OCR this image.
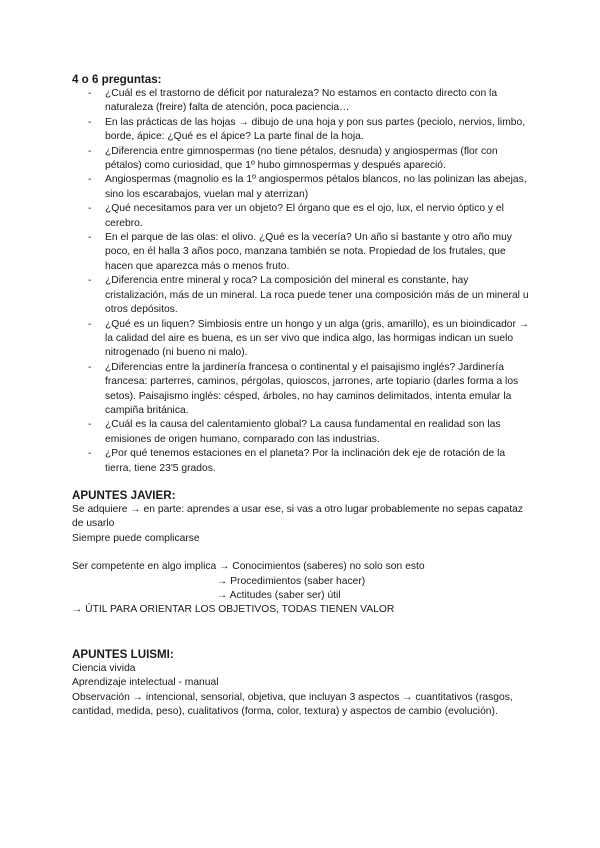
4 o 6 preguntas:
- ¿Cuál es el trastorno de déficit por naturaleza? No estamos en contacto directo con la naturaleza (freire) falta de atención, poca paciencia…
- En las prácticas de las hojas → dibujo de una hoja y pon sus partes (peciolo, nervios, limbo, borde, ápice: ¿Qué es el ápice? La parte final de la hoja.
- ¿Diferencia entre gimnospermas (no tiene pétalos, desnuda) y angiospermas (flor con pétalos) como curiosidad, que 1º hubo gimnospermas y después apareció.
- Angiospermas (magnolio es la 1º angiospermos pétalos blancos, no las polinizan las abejas, sino los escarabajos, vuelan mal y aterrizan)
- ¿Qué necesitamos para ver un objeto? El órgano que es el ojo, lux, el nervio óptico y el cerebro.
- En el parque de las olas: el olivo. ¿Qué es la vecería? Un año sí bastante y otro año muy poco, en él halla 3 años poco, manzana también se nota. Propiedad de los frutales, que hacen que aparezca más o menos fruto.
- ¿Diferencia entre mineral y roca? La composición del mineral es constante, hay cristalización, más de un mineral. La roca puede tener una composición más de un mineral u otros depósitos.
- ¿Qué es un liquen? Simbiosis entre un hongo y un alga (gris, amarillo), es un bioindicador → la calidad del aire es buena, es un ser vivo que indica algo, las hormigas indican un suelo nitrogenado (ni bueno ni malo).
- ¿Diferencias entre la jardinería francesa o continental y el paisajismo inglés? Jardinería francesa: parterres, caminos, pérgolas, quioscos, jarrones, arte topiario (darles forma a los setos). Paisajismo inglés: césped, árboles, no hay caminos delimitados, intenta emular la campiña británica.
- ¿Cuál es la causa del calentamiento global? La causa fundamental en realidad son las emisiones de origen humano, comparado con las industrias.
- ¿Por qué tenemos estaciones en el planeta? Por la inclinación dek eje de rotación de la tierra, tiene 23'5 grados.
APUNTES JAVIER:

Se adquiere → en parte: aprendes a usar ese, si vas a otro lugar probablemente no sepas capataz de usarlo

Siempre puede complicarse

Ser competente en algo implica → Conocimientos (saberes) no solo son esto

→ Procedimientos (saber hacer)

→ Actitudes (saber ser) útil

→ ÚTIL PARA ORIENTAR LOS OBJETIVOS, TODAS TIENEN VALOR

APUNTES LUISMI:

Ciencia vivida

Aprendizaje intelectual - manual

Observación → intencional, sensorial, objetiva, que incluyan 3 aspectos → cuantitativos (rasgos, cantidad, medida, peso), cualitativos (forma, color, textura) y aspectos de cambio (evolución).
